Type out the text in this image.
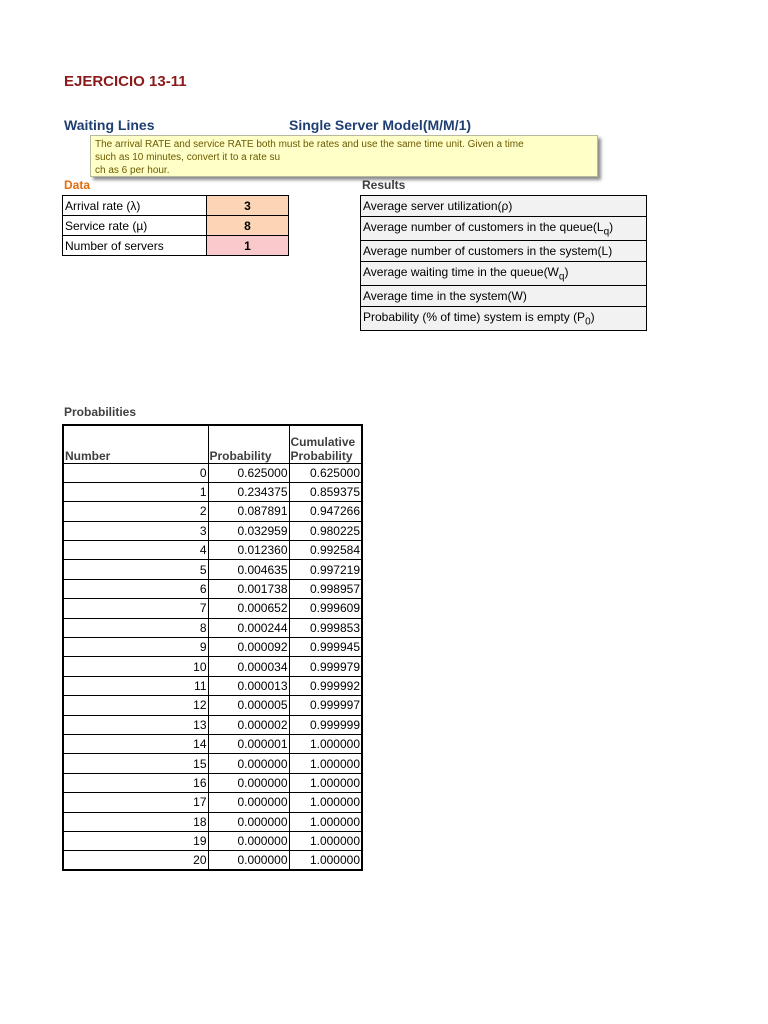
EJERCICIO 13-11
Waiting Lines	Single Server Model(M/M/1)
Data	Results
Arrival rate (λ)	3
Service rate (µ)	8
Number of servers	1
Average server utilization(ρ)
Average number of customers in the $queue(L_q)$
Average number of customers in the system(L)
Average waiting time in the $queue(W_q)$
Average time in the system(W)
Probability (% of time) system is empty $(P_0)$
The arrival RATE and service RATE both must be rates and use the same time unit. Given a time
such as 10 minutes, convert it to a rate su
ch as 6 per hour.
Probabilities
Number	Probability	Cumulative Probability
0	0.625000	0.625000
1	0.234375	0.859375
2	0.087891	0.947266
3	0.032959	0.980225
4	0.012360	0.992584
5	0.004635	0.997219
6	0.001738	0.998957
7	0.000652	0.999609
8	0.000244	0.999853
9	0.000092	0.999945
10	0.000034	0.999979
11	0.000013	0.999992
12	0.000005	0.999997
13	0.000002	0.999999
14	0.000001	1.000000
15	0.000000	1.000000
16	0.000000	1.000000
17	0.000000	1.000000
18	0.000000	1.000000
19	0.000000	1.000000
20	0.000000	1.000000
